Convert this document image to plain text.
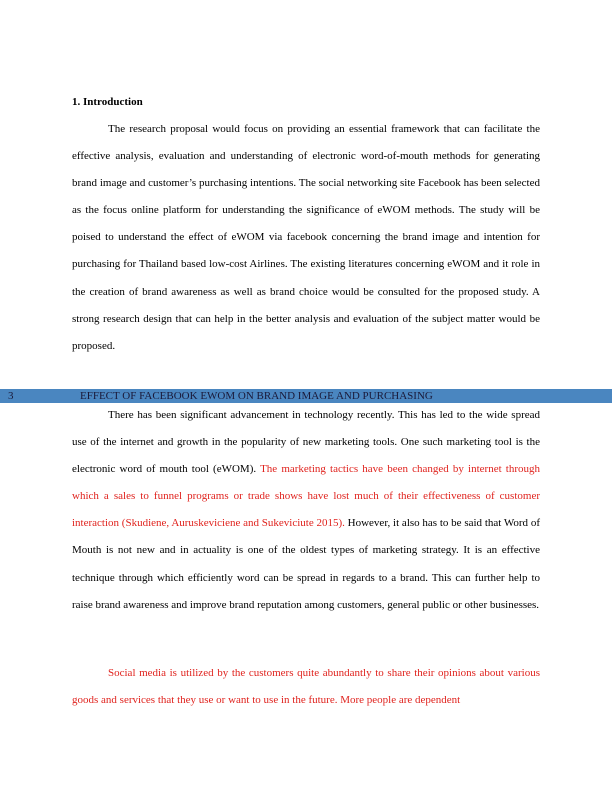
1. Introduction

The research proposal would focus on providing an essential framework that can facilitate the effective analysis, evaluation and understanding of electronic word-of-mouth methods for generating brand image and customer’s purchasing intentions. The social networking site Facebook has been selected as the focus online platform for understanding the significance of eWOM methods. The study will be poised to understand the effect of eWOM via facebook concerning the brand image and intention for purchasing for Thailand based low-cost Airlines. The existing literatures concerning eWOM and it role in the creation of brand awareness as well as brand choice would be consulted for the proposed study. A strong research design that can help in the better analysis and evaluation of the subject matter would be proposed.

3	EFFECT OF FACEBOOK EWOM ON BRAND IMAGE AND PURCHASING

There has been significant advancement in technology recently. This has led to the wide spread use of the internet and growth in the popularity of new marketing tools. One such marketing tool is the electronic word of mouth tool (eWOM). The marketing tactics have been changed by internet through which a sales to funnel programs or trade shows have lost much of their effectiveness of customer interaction (Skudiene, Auruskeviciene and Sukeviciute 2015). However, it also has to be said that Word of Mouth is not new and in actuality is one of the oldest types of marketing strategy. It is an effective technique through which efficiently word can be spread in regards to a brand. This can further help to raise brand awareness and improve brand reputation among customers, general public or other businesses.

Social media is utilized by the customers quite abundantly to share their opinions about various goods and services that they use or want to use in the future. More people are dependent
